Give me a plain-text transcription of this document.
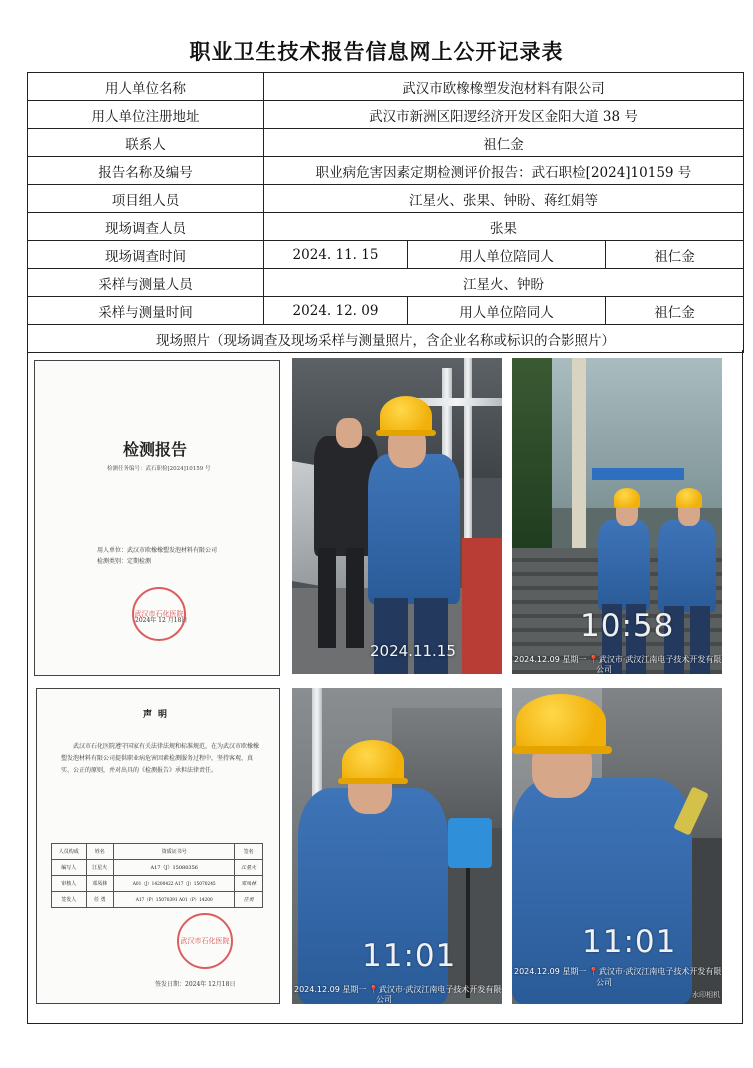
职业卫生技术报告信息网上公开记录表
用人单位名称	武汉市欧橡橡塑发泡材料有限公司		
用人单位注册地址	武汉市新洲区阳逻经济开发区金阳大道 38 号		
联系人	祖仁金		
报告名称及编号	职业病危害因素定期检测评价报告：武石职检[2024]10159 号		
项目组人员	江星火、张果、钟盼、蒋红娟等		
现场调查人员	张果		
现场调查时间	2024. 11. 15	用人单位陪同人	祖仁金
采样与测量人员	江星火、钟盼		
采样与测量时间	2024. 12. 09	用人单位陪同人	祖仁金
现场照片（现场调查及现场采样与测量照片，含企业名称或标识的合影照片）			
检测报告
检测任务编号：武石职检[2024]10159 号
用人单位：武汉市欧橡橡塑发泡材料有限公司
检测类别：定期检测
武汉市石化医院
2024年 12 月18日
2024.11.15
10:58
2024.12.09 星期一 📍武汉市·武汉江南电子技术开发有限
公司
声明
武汉市石化医院遵守国家有关法律法规和标准规范，在为武汉市欧橡橡塑发泡材料有限公司提供职业病危害因素检测服务过程中，坚持客观、真实、公正的原则，并对出具的《检测报告》承担法律责任。
人员构成	姓名	资质证书号	签名
编写人	江星火	A17（J）15080356	江星火
审核人	邓凤林	A01（J）14200422 A17（J）15070245	邓凤林
签发人	任 勇	A17（P）15070391 A01（P）14200	任勇
武汉市石化医院
签发日期：2024年 12月18日
11:01
2024.12.09 星期一 📍武汉市·武汉江南电子技术开发有限
公司
11:01
2024.12.09 星期一 📍武汉市·武汉江南电子技术开发有限
公司
水印相机
